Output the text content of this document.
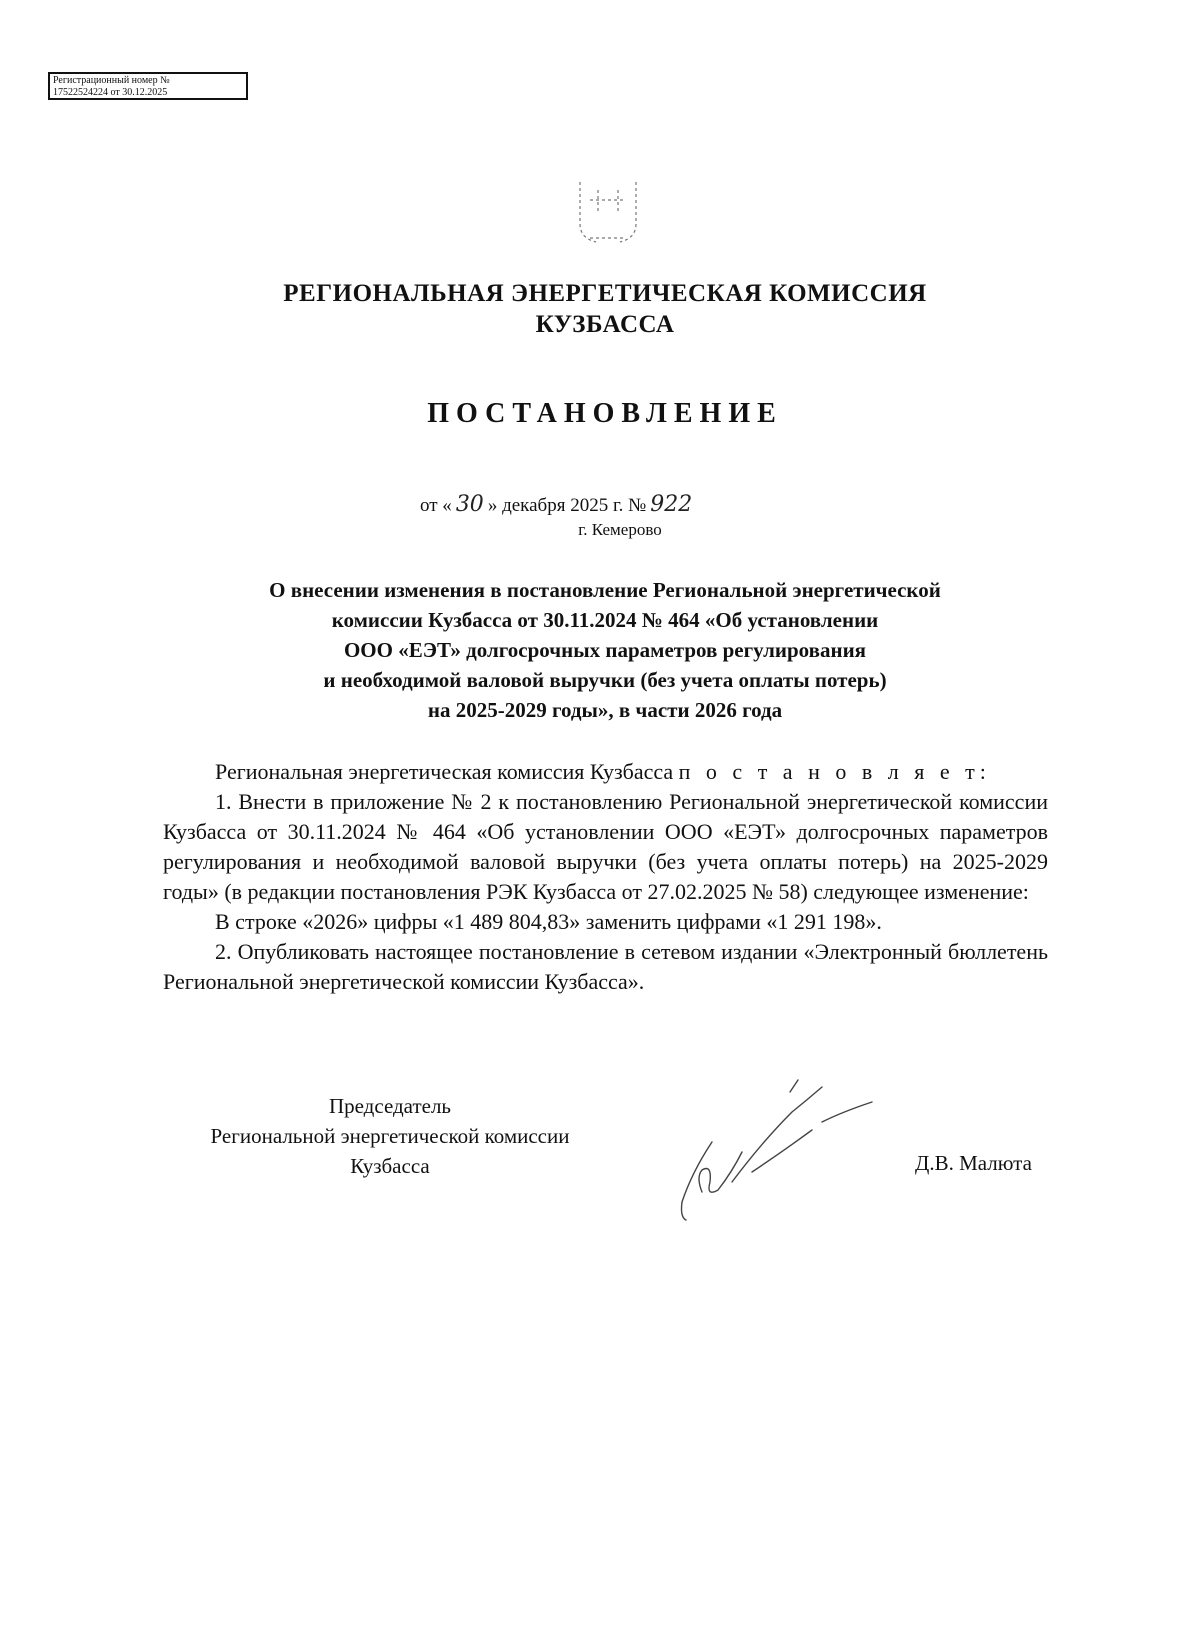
Регистрационный номер №
17522524224 от 30.12.2025
РЕГИОНАЛЬНАЯ ЭНЕРГЕТИЧЕСКАЯ КОМИССИЯ
КУЗБАССА
ПОСТАНОВЛЕНИЕ
от « 30 » декабря 2025 г. № 922
г. Кемерово
О внесении изменения в постановление Региональной энергетической
комиссии Кузбасса от 30.11.2024 № 464 «Об установлении
ООО «ЕЭТ» долгосрочных параметров регулирования
и необходимой валовой выручки (без учета оплаты потерь)
на 2025-2029 годы», в части 2026 года

Региональная энергетическая комиссия Кузбасса п о с т а н о в л я е т:

1. Внести в приложение № 2 к постановлению Региональной энергетической комиссии Кузбасса от 30.11.2024 № 464 «Об установлении ООО «ЕЭТ» долгосрочных параметров регулирования и необходимой валовой выручки (без учета оплаты потерь) на 2025-2029 годы» (в редакции постановления РЭК Кузбасса от 27.02.2025 № 58) следующее изменение:

В строке «2026» цифры «1 489 804,83» заменить цифрами «1 291 198».

2. Опубликовать настоящее постановление в сетевом издании «Электронный бюллетень Региональной энергетической комиссии Кузбасса».

Председатель
Региональной энергетической комиссии
Кузбасса	Д.В. Малюта
